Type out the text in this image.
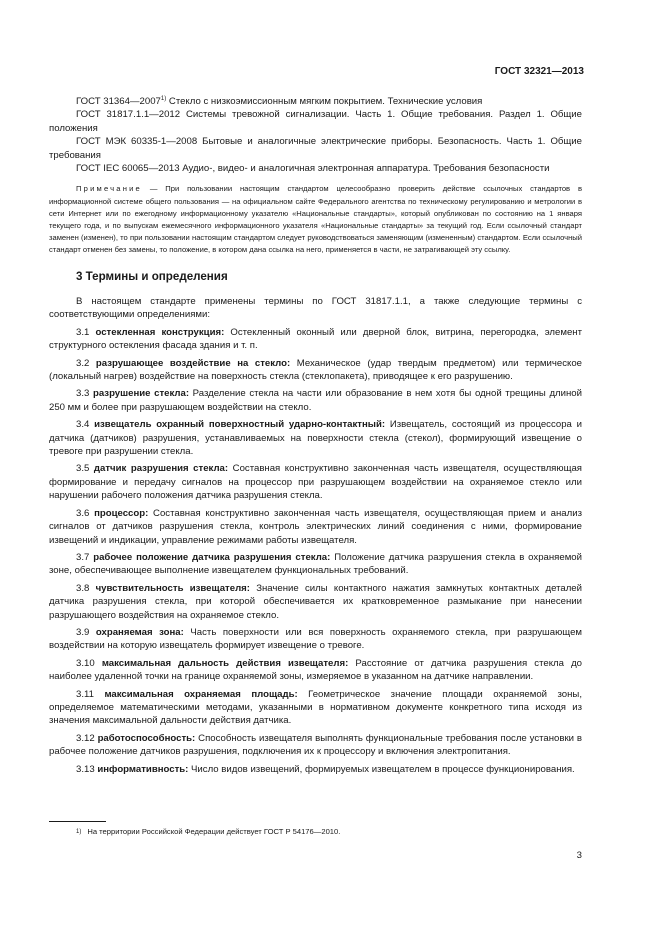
ГОСТ 32321—2013

ГОСТ 31364—2007$^{1)}$ Стекло с низкоэмиссионным мягким покрытием. Технические условия

ГОСТ 31817.1.1—2012 Системы тревожной сигнализации. Часть 1. Общие требования. Раздел 1. Общие положения

ГОСТ МЭК 60335-1—2008 Бытовые и аналогичные электрические приборы. Безопасность. Часть 1. Общие требования

ГОСТ IEC 60065—2013 Аудио-, видео- и аналогичная электронная аппаратура. Требования безопасности

Примечание — При пользовании настоящим стандартом целесообразно проверить действие ссылочных стандартов в информационной системе общего пользования — на официальном сайте Федерального агентства по техническому регулированию и метрологии в сети Интернет или по ежегодному информационному указателю «Национальные стандарты», который опубликован по состоянию на 1 января текущего года, и по выпускам ежемесячного информационного указателя «Национальные стандарты» за текущий год. Если ссылочный стандарт заменен (изменен), то при пользовании настоящим стандартом следует руководствоваться заменяющим (измененным) стандартом. Если ссылочный стандарт отменен без замены, то положение, в котором дана ссылка на него, применяется в части, не затрагивающей эту ссылку.

3 Термины и определения

В настоящем стандарте применены термины по ГОСТ 31817.1.1, а также следующие термины с соответствующими определениями:

3.1 остекленная конструкция: Остекленный оконный или дверной блок, витрина, перегородка, элемент структурного остекления фасада здания и т. п.

3.2 разрушающее воздействие на стекло: Механическое (удар твердым предметом) или термическое (локальный нагрев) воздействие на поверхность стекла (стеклопакета), приводящее к его разрушению.

3.3 разрушение стекла: Разделение стекла на части или образование в нем хотя бы одной трещины длиной 250 мм и более при разрушающем воздействии на стекло.

3.4 извещатель охранный поверхностный ударно-контактный: Извещатель, состоящий из процессора и датчика (датчиков) разрушения, устанавливаемых на поверхности стекла (стекол), формирующий извещение о тревоге при разрушении стекла.

3.5 датчик разрушения стекла: Составная конструктивно законченная часть извещателя, осуществляющая формирование и передачу сигналов на процессор при разрушающем воздействии на охраняемое стекло или нарушении рабочего положения датчика разрушения стекла.

3.6 процессор: Составная конструктивно законченная часть извещателя, осуществляющая прием и анализ сигналов от датчиков разрушения стекла, контроль электрических линий соединения с ними, формирование извещений и индикации, управление режимами работы извещателя.

3.7 рабочее положение датчика разрушения стекла: Положение датчика разрушения стекла в охраняемой зоне, обеспечивающее выполнение извещателем функциональных требований.

3.8 чувствительность извещателя: Значение силы контактного нажатия замкнутых контактных деталей датчика разрушения стекла, при которой обеспечивается их кратковременное размыкание при нанесении разрушающего воздействия на охраняемое стекло.

3.9 охраняемая зона: Часть поверхности или вся поверхность охраняемого стекла, при разрушающем воздействии на которую извещатель формирует извещение о тревоге.

3.10 максимальная дальность действия извещателя: Расстояние от датчика разрушения стекла до наиболее удаленной точки на границе охраняемой зоны, измеряемое в указанном на датчике направлении.

3.11 максимальная охраняемая площадь: Геометрическое значение площади охраняемой зоны, определяемое математическими методами, указанными в нормативном документе конкретного типа исходя из значения максимальной дальности действия датчика.

3.12 работоспособность: Способность извещателя выполнять функциональные требования после установки в рабочее положение датчиков разрушения, подключения их к процессору и включения электропитания.

3.13 информативность: Число видов извещений, формируемых извещателем в процессе функционирования.

1) На территории Российской Федерации действует ГОСТ Р 54176—2010.
3
